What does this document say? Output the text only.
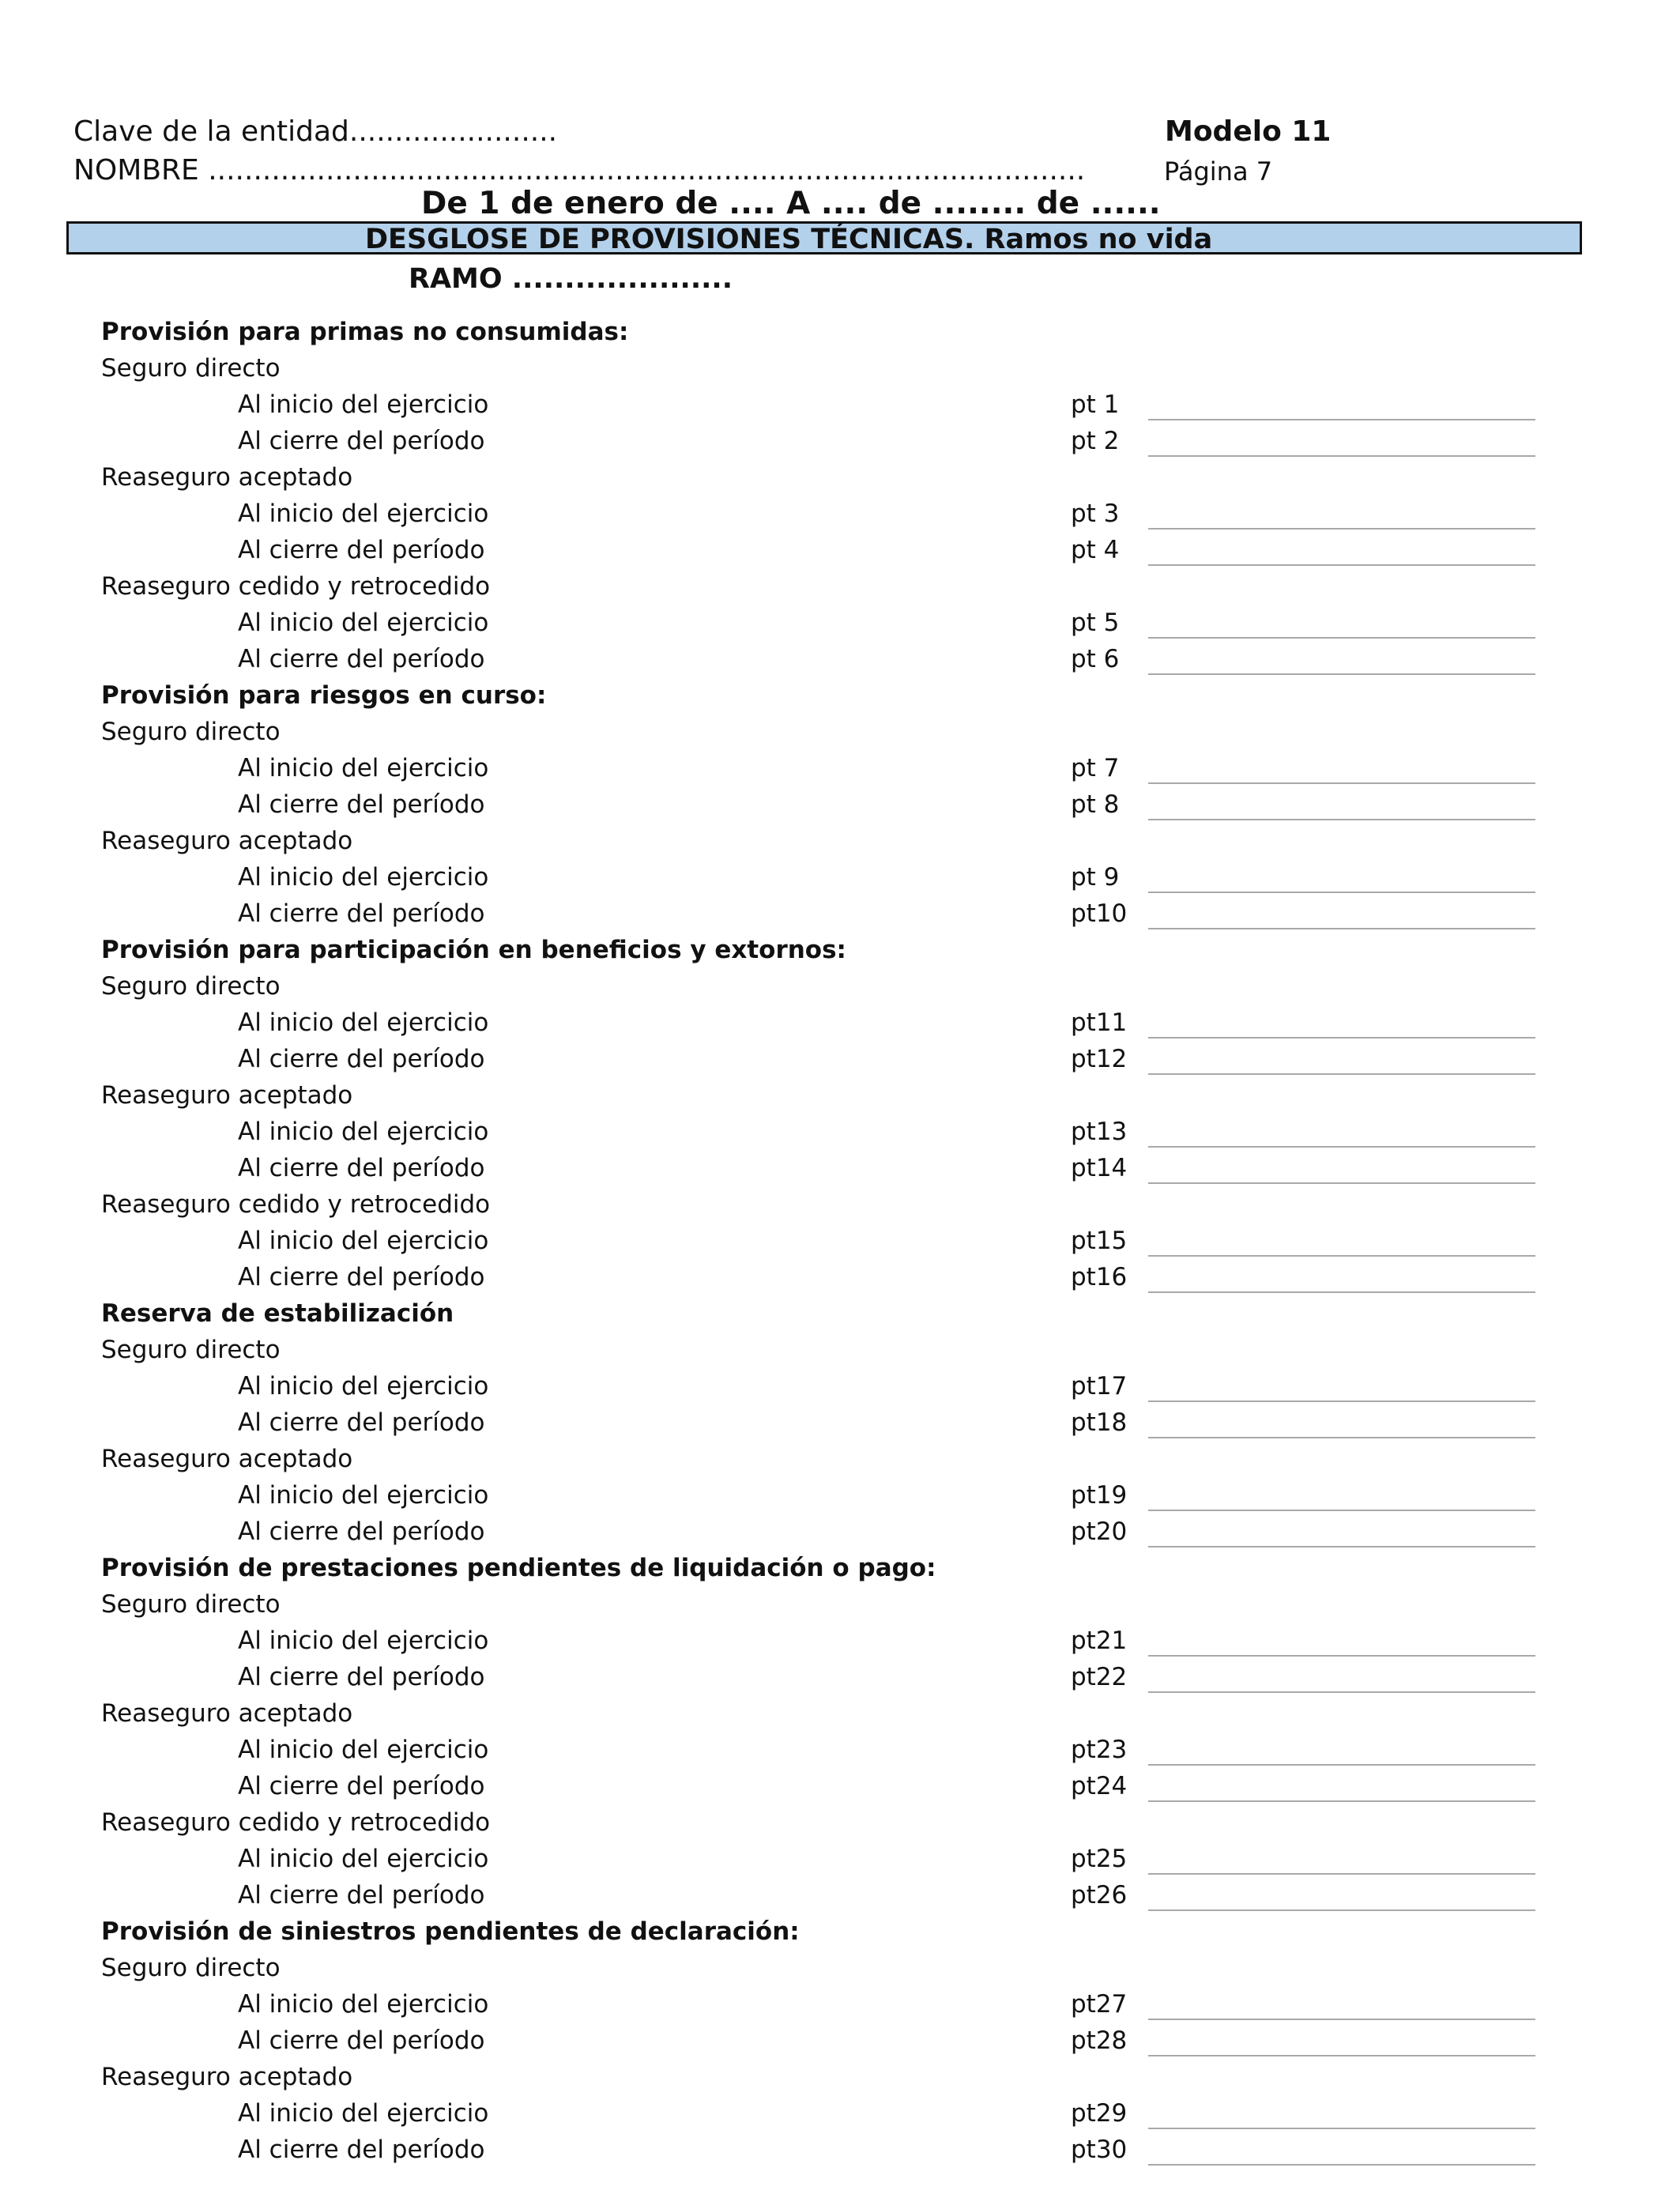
Clave de la entidad.......................	Modelo 11
NOMBRE .................................................................................................	Página 7
De 1 de enero de .... A .... de ........ de ......
DESGLOSE DE PROVISIONES TÉCNICAS. Ramos no vida
RAMO .....................
Provisión para primas no consumidas:
Seguro directo
Al inicio del ejercicio	pt 1
Al cierre del período	pt 2
Reaseguro aceptado
Al inicio del ejercicio	pt 3
Al cierre del período	pt 4
Reaseguro cedido y retrocedido
Al inicio del ejercicio	pt 5
Al cierre del período	pt 6
Provisión para riesgos en curso:
Seguro directo
Al inicio del ejercicio	pt 7
Al cierre del período	pt 8
Reaseguro aceptado
Al inicio del ejercicio	pt 9
Al cierre del período	pt10
Provisión para participación en beneficios y extornos:
Seguro directo
Al inicio del ejercicio	pt11
Al cierre del período	pt12
Reaseguro aceptado
Al inicio del ejercicio	pt13
Al cierre del período	pt14
Reaseguro cedido y retrocedido
Al inicio del ejercicio	pt15
Al cierre del período	pt16
Reserva de estabilización
Seguro directo
Al inicio del ejercicio	pt17
Al cierre del período	pt18
Reaseguro aceptado
Al inicio del ejercicio	pt19
Al cierre del período	pt20
Provisión de prestaciones pendientes de liquidación o pago:
Seguro directo
Al inicio del ejercicio	pt21
Al cierre del período	pt22
Reaseguro aceptado
Al inicio del ejercicio	pt23
Al cierre del período	pt24
Reaseguro cedido y retrocedido
Al inicio del ejercicio	pt25
Al cierre del período	pt26
Provisión de siniestros pendientes de declaración:
Seguro directo
Al inicio del ejercicio	pt27
Al cierre del período	pt28
Reaseguro aceptado
Al inicio del ejercicio	pt29
Al cierre del período	pt30
